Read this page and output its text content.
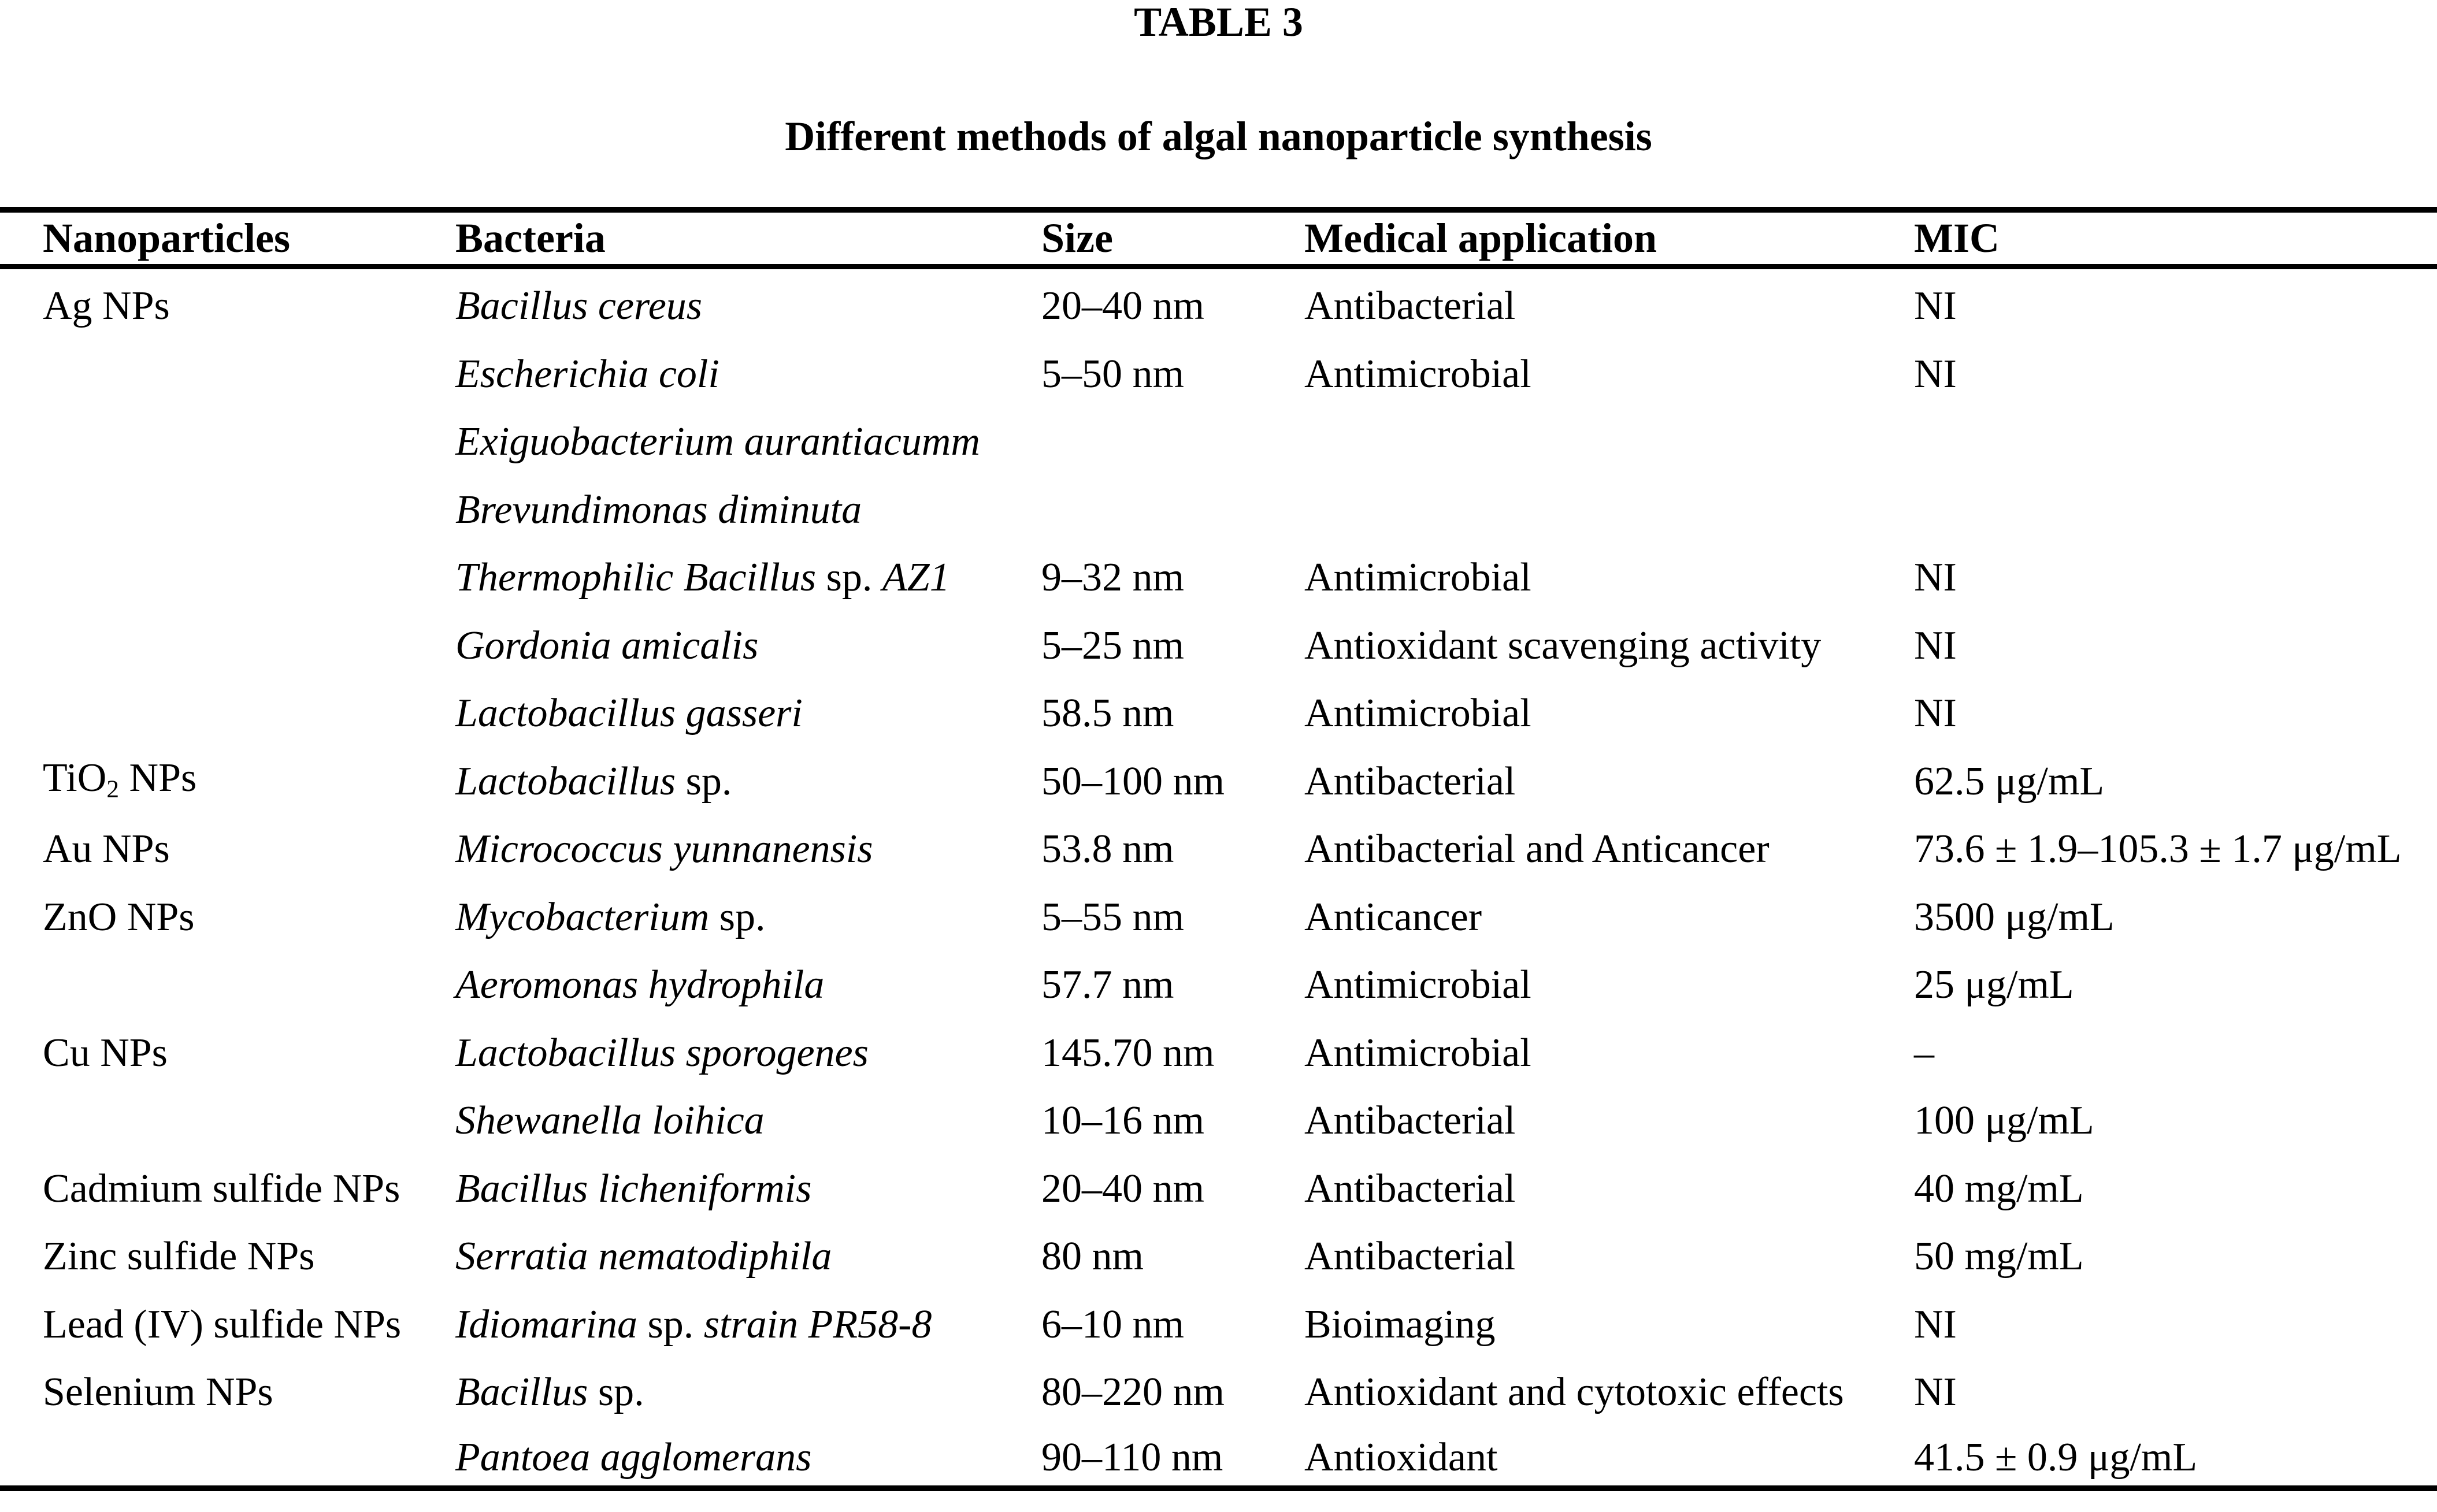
TABLE 3
Different methods of algal nanoparticle synthesis
Nanoparticles	Bacteria	Size	Medical application	MIC
Ag NPs	Bacillus cereus	20–40 nm	Antibacterial	NI
	Escherichia coli	5–50 nm	Antimicrobial	NI
	Exiguobacterium aurantiacumm			
	Brevundimonas diminuta			
	Thermophilic Bacillus sp. AZ1	9–32 nm	Antimicrobial	NI
	Gordonia amicalis	5–25 nm	Antioxidant scavenging activity	NI
	Lactobacillus gasseri	58.5 nm	Antimicrobial	NI
TiO$_2$ NPs	Lactobacillus sp.	50–100 nm	Antibacterial	62.5 μg/mL
Au NPs	Micrococcus yunnanensis	53.8 nm	Antibacterial and Anticancer	73.6 ± 1.9–105.3 ± 1.7 μg/mL
ZnO NPs	Mycobacterium sp.	5–55 nm	Anticancer	3500 μg/mL
	Aeromonas hydrophila	57.7 nm	Antimicrobial	25 μg/mL
Cu NPs	Lactobacillus sporogenes	145.70 nm	Antimicrobial	–
	Shewanella loihica	10–16 nm	Antibacterial	100 μg/mL
Cadmium sulfide NPs	Bacillus licheniformis	20–40 nm	Antibacterial	40 mg/mL
Zinc sulfide NPs	Serratia nematodiphila	80 nm	Antibacterial	50 mg/mL
Lead (IV) sulfide NPs	Idiomarina sp. strain PR58-8	6–10 nm	Bioimaging	NI
Selenium NPs	Bacillus sp.	80–220 nm	Antioxidant and cytotoxic effects	NI
	Pantoea agglomerans	90–110 nm	Antioxidant	41.5 ± 0.9 μg/mL
